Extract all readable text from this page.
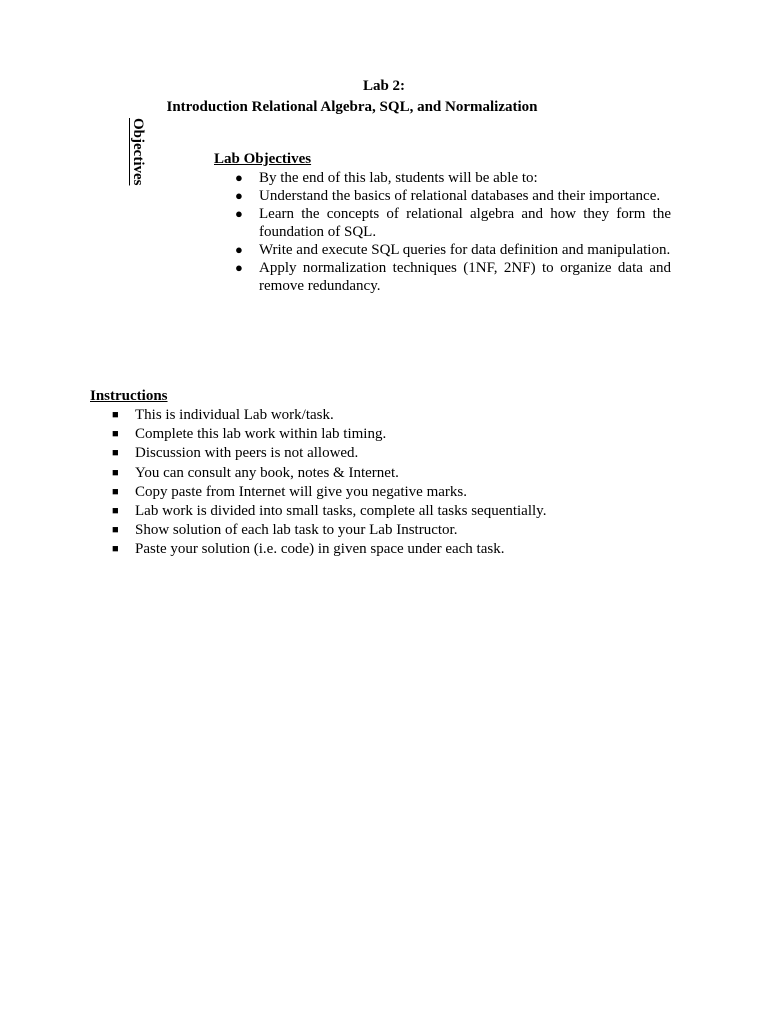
Lab 2:
Introduction Relational Algebra, SQL, and Normalization
Objectives	Lab Objectives

● By the end of this lab, students will be able to:
● Understand the basics of relational databases and their importance.
● Learn the concepts of relational algebra and how they form the foundation of SQL.
● Write and execute SQL queries for data definition and manipulation.
● Apply normalization techniques (1NF, 2NF) to organize data and remove redundancy.

Instructions

■ This is individual Lab work/task.
■ Complete this lab work within lab timing.
■ Discussion with peers is not allowed.
■ You can consult any book, notes & Internet.
■ Copy paste from Internet will give you negative marks.
■ Lab work is divided into small tasks, complete all tasks sequentially.
■ Show solution of each lab task to your Lab Instructor.
■ Paste your solution (i.e. code) in given space under each task.
